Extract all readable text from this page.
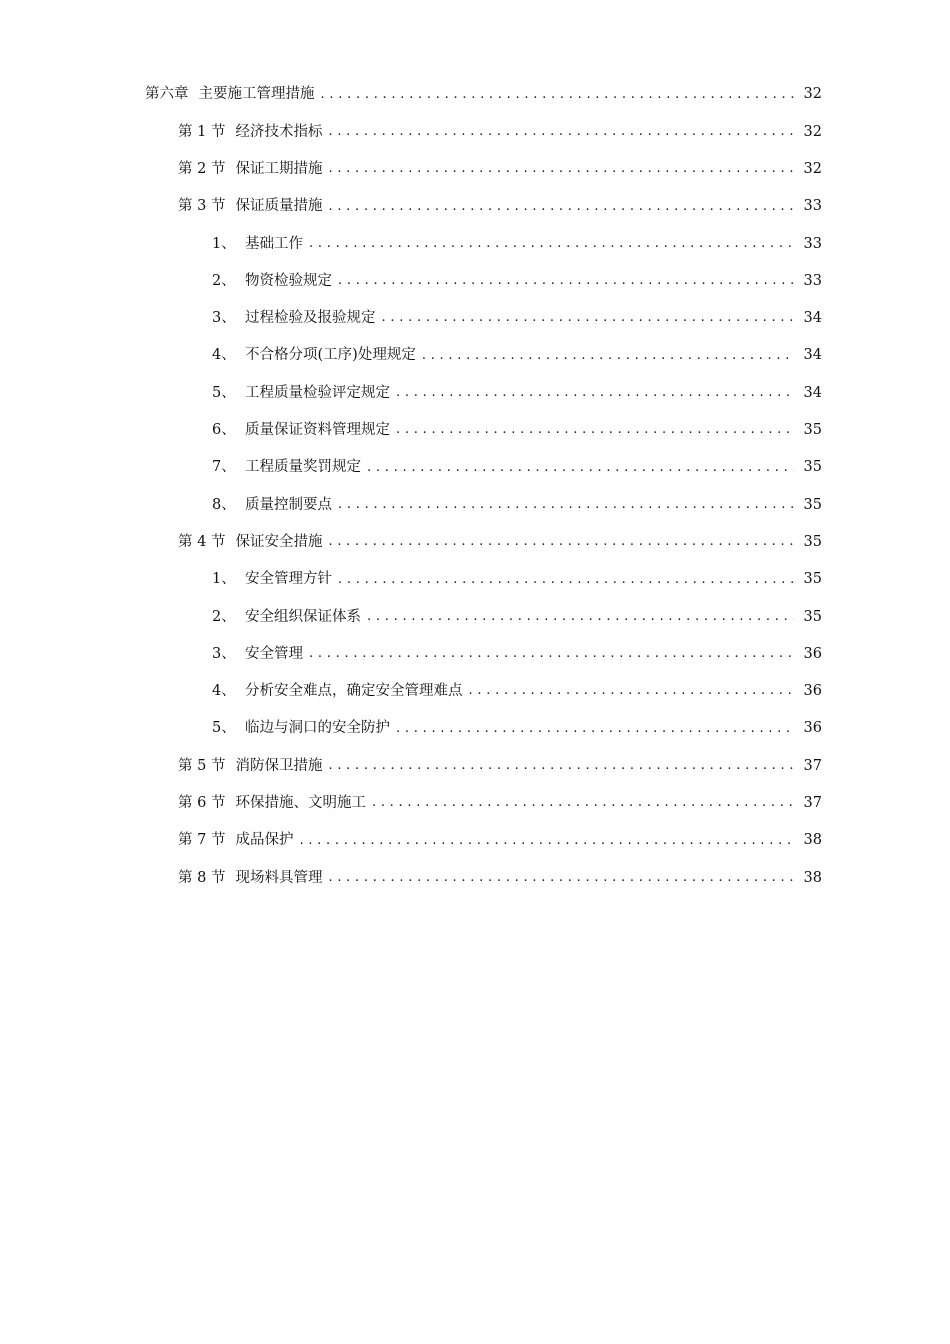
第六章 主要施工管理措施 . . .	32
第 1 节 经济技术指标 . . .	32
第 2 节 保证工期措施 . . .	32
第 3 节 保证质量措施 . . .	33
1、 基础工作 . . .	33
2、 物资检验规定 . . .	33
3、 过程检验及报验规定 . . .	34
4、 不合格分项(工序)处理规定 . . .	34
5、 工程质量检验评定规定 . . .	34
6、 质量保证资料管理规定 . . .	35
7、 工程质量奖罚规定 . . .	35
8、 质量控制要点 . . .	35
第 4 节 保证安全措施 . . .	35
1、 安全管理方针 . . .	35
2、 安全组织保证体系 . . .	35
3、 安全管理 . . .	36
4、 分析安全难点，确定安全管理难点 . . .	36
5、 临边与洞口的安全防护 . . .	36
第 5 节 消防保卫措施 . . .	37
第 6 节 环保措施、文明施工 . . .	37
第 7 节 成品保护 . . .	38
第 8 节 现场料具管理 . . .	38
